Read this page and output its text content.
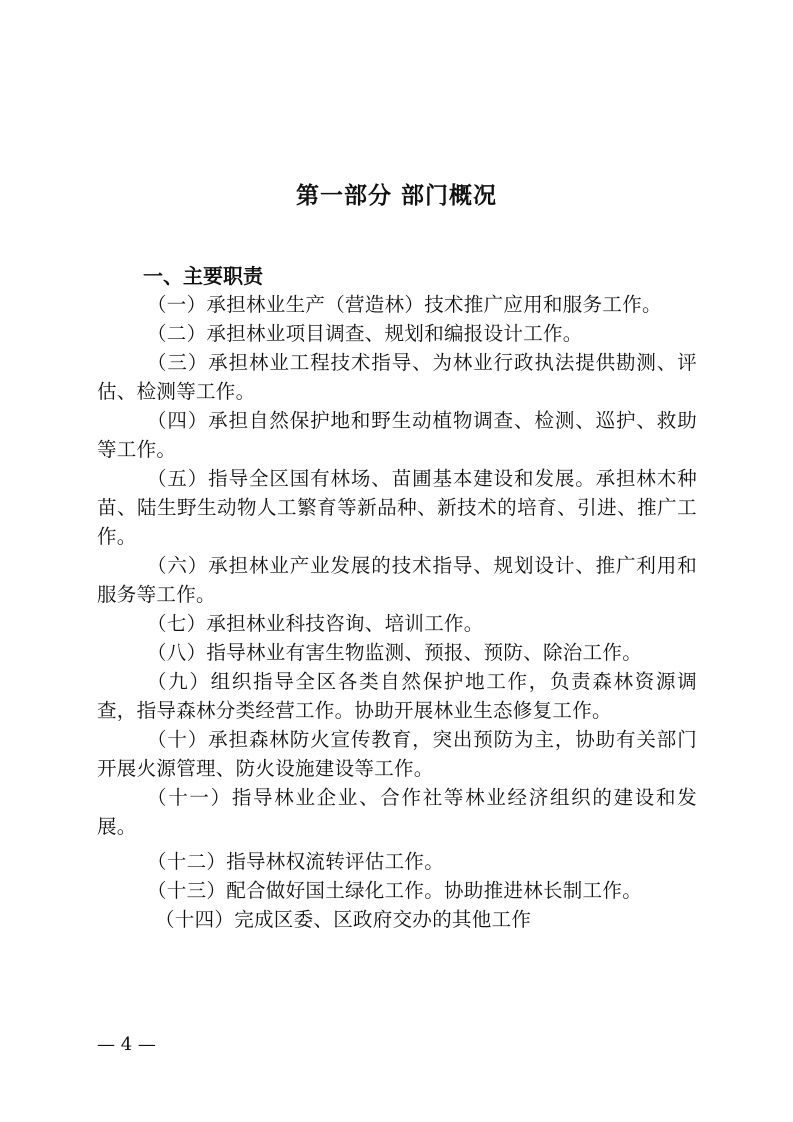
第一部分 部门概况
一、主要职责

（一）承担林业生产（营造林）技术推广应用和服务工作。

（二）承担林业项目调查、规划和编报设计工作。

（三）承担林业工程技术指导、为林业行政执法提供勘测、评估、检测等工作。

（四）承担自然保护地和野生动植物调查、检测、巡护、救助等工作。

（五）指导全区国有林场、苗圃基本建设和发展。承担林木种苗、陆生野生动物人工繁育等新品种、新技术的培育、引进、推广工作。

（六）承担林业产业发展的技术指导、规划设计、推广利用和服务等工作。

（七）承担林业科技咨询、培训工作。

（八）指导林业有害生物监测、预报、预防、除治工作。

（九）组织指导全区各类自然保护地工作，负责森林资源调查，指导森林分类经营工作。协助开展林业生态修复工作。

（十）承担森林防火宣传教育，突出预防为主，协助有关部门开展火源管理、防火设施建设等工作。

（十一）指导林业企业、合作社等林业经济组织的建设和发展。

（十二）指导林权流转评估工作。

（十三）配合做好国土绿化工作。协助推进林长制工作。

（十四）完成区委、区政府交办的其他工作

— 4 —
